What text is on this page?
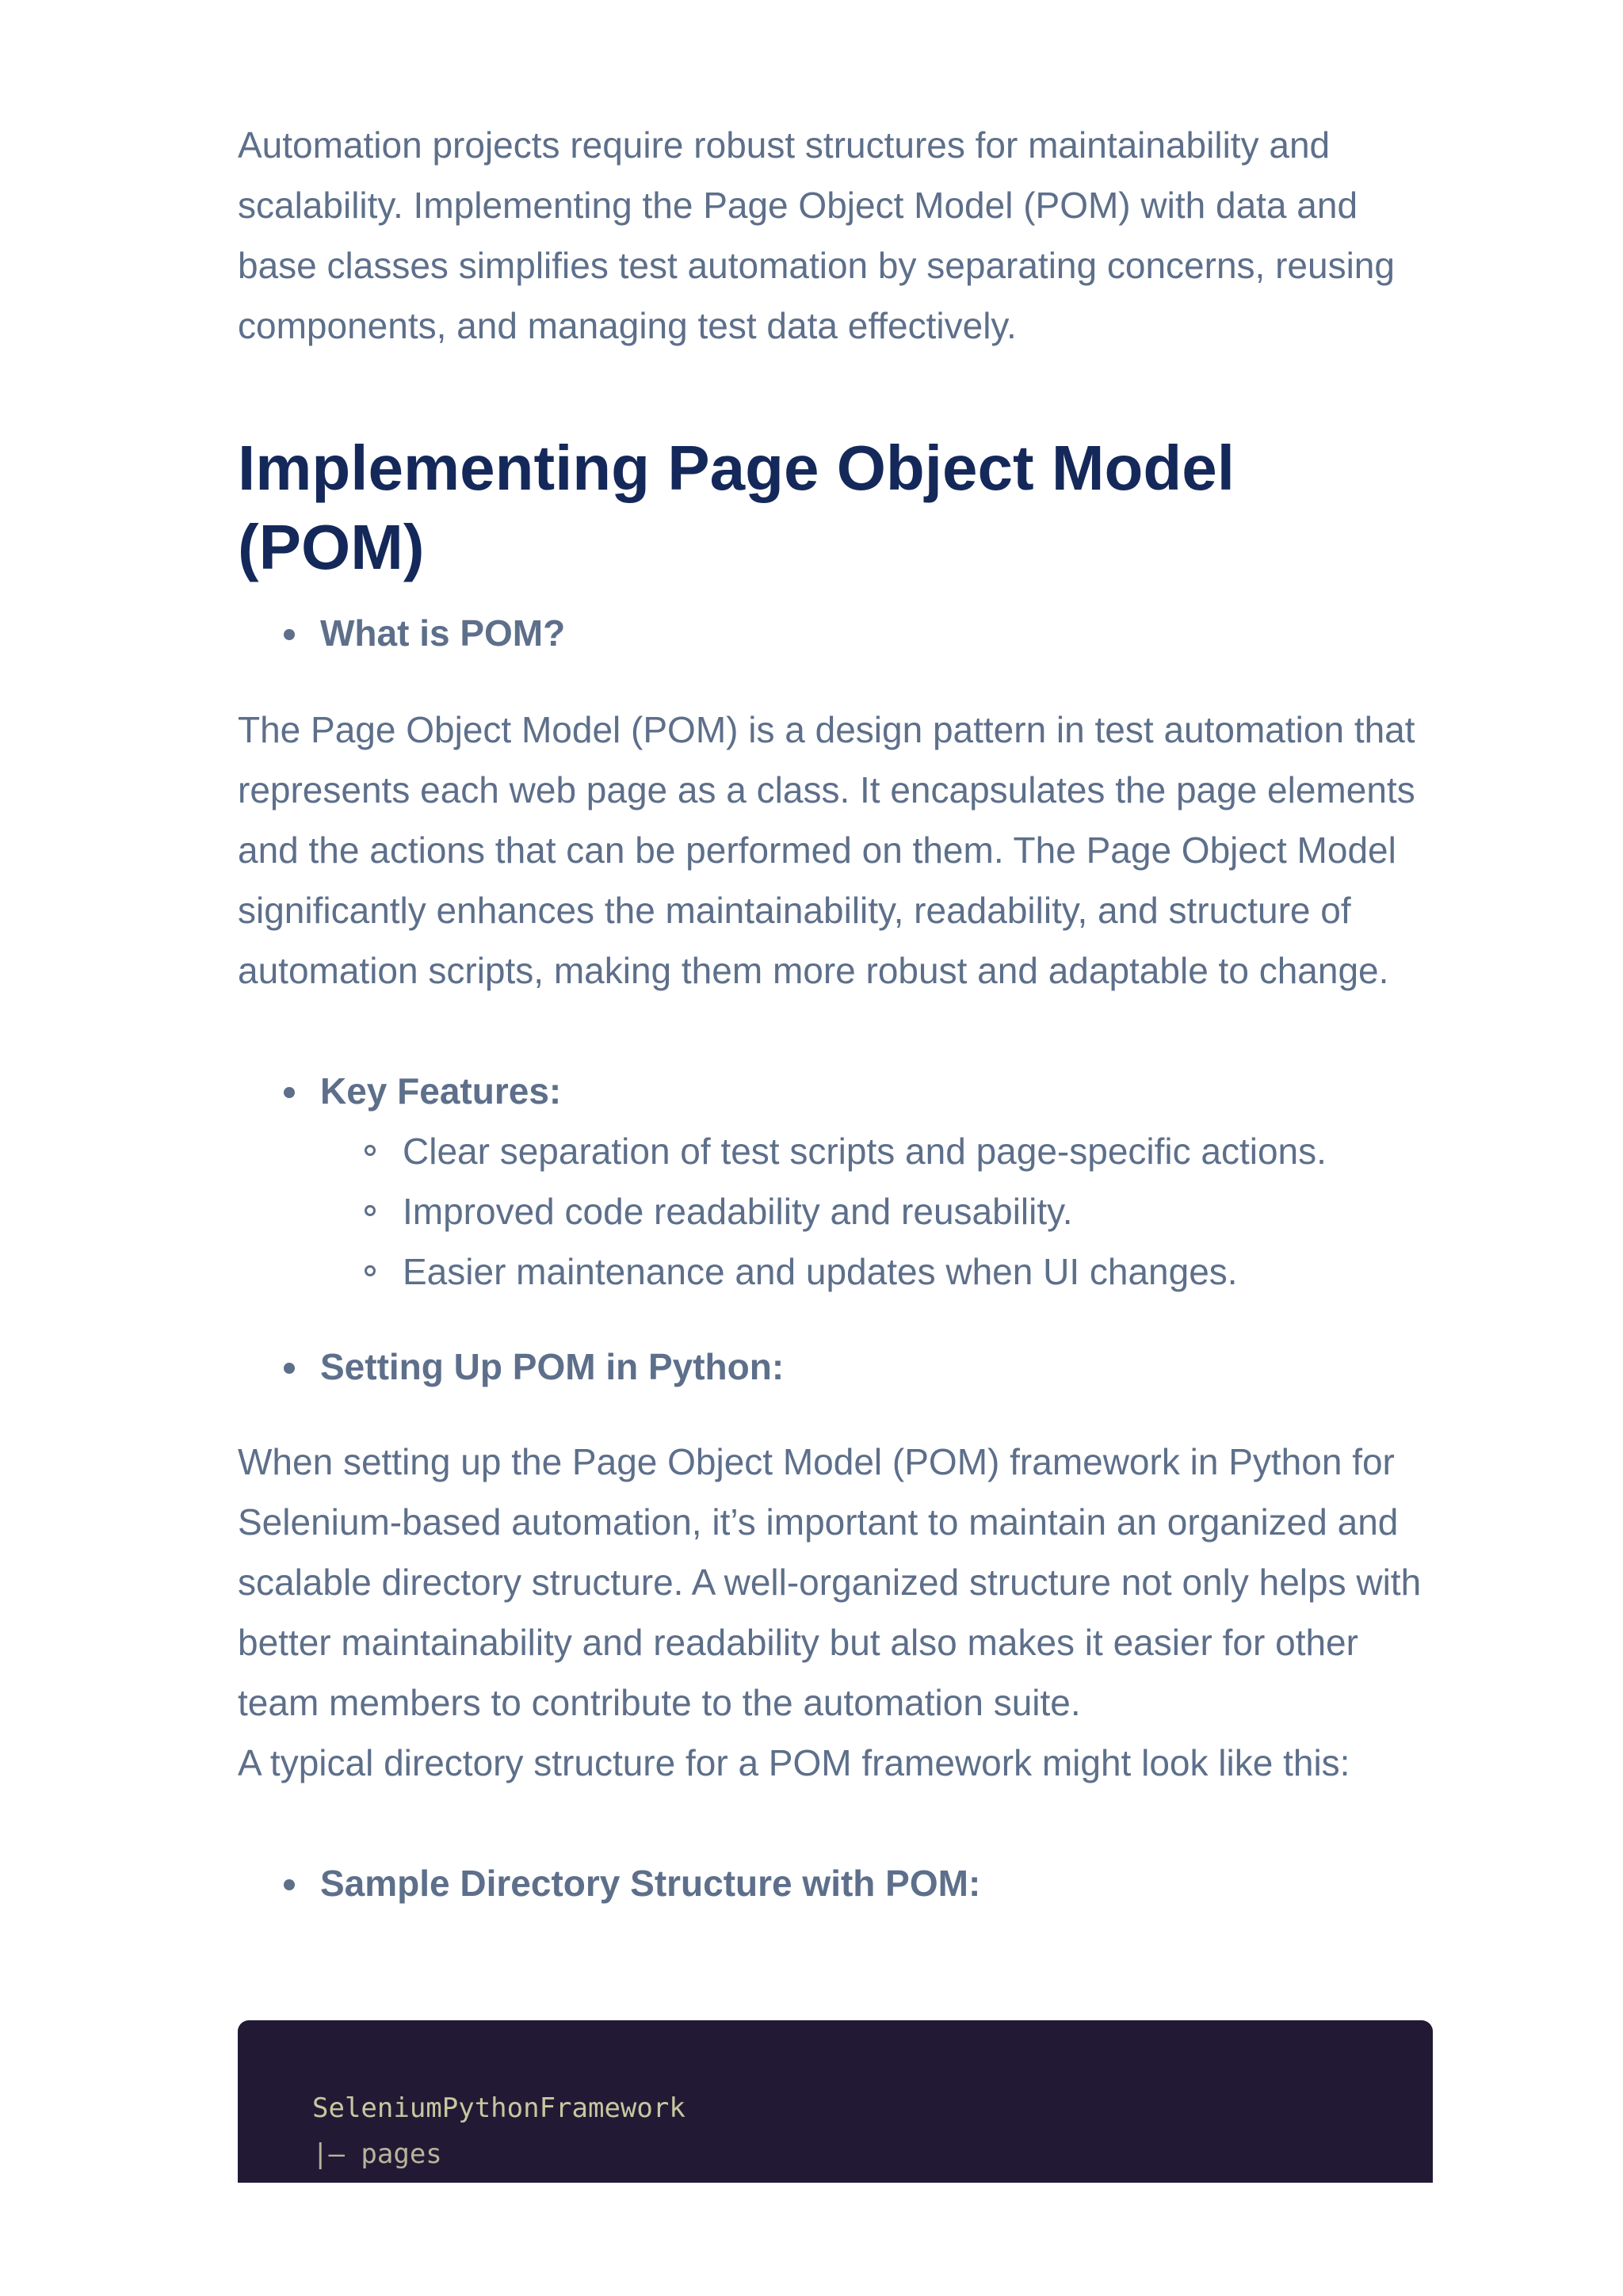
Automation projects require robust structures for maintainability and scalability. Implementing the Page Object Model (POM) with data and base classes simplifies test automation by separating concerns, reusing components, and managing test data effectively.

Implementing Page Object Model (POM)
What is POM?

The Page Object Model (POM) is a design pattern in test automation that represents each web page as a class. It encapsulates the page elements and the actions that can be performed on them. The Page Object Model significantly enhances the maintainability, readability, and structure of automation scripts, making them more robust and adaptable to change.

Key Features:
Clear separation of test scripts and page-specific actions.
Improved code readability and reusability.
Easier maintenance and updates when UI changes.
Setting Up POM in Python:

When setting up the Page Object Model (POM) framework in Python for Selenium-based automation, it’s important to maintain an organized and scalable directory structure. A well-organized structure not only helps with better maintainability and readability but also makes it easier for other team members to contribute to the automation suite.

A typical directory structure for a POM framework might look like this:

Sample Directory Structure with POM:
SeleniumPythonFramework
|— pages
